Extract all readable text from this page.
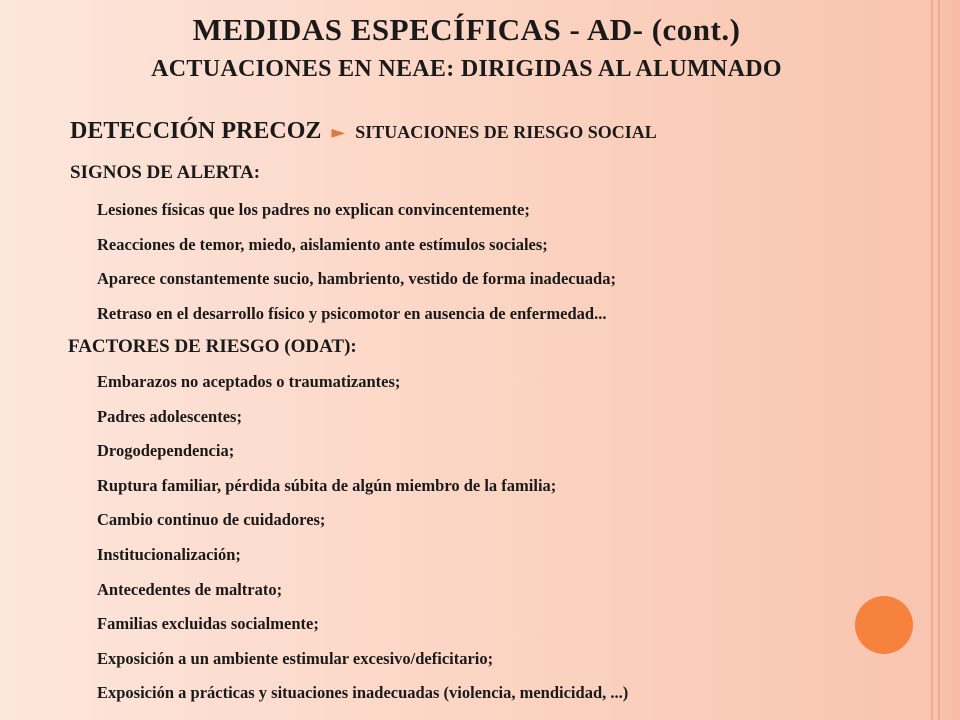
MEDIDAS ESPECÍFICAS - AD- (cont.)
ACTUACIONES EN NEAE: DIRIGIDAS AL ALUMNADO
DETECCIÓN PRECOZ ► SITUACIONES DE RIESGO SOCIAL
SIGNOS DE ALERTA:
Lesiones físicas que los padres no explican convincentemente;
Reacciones de temor, miedo, aislamiento ante estímulos sociales;
Aparece constantemente sucio, hambriento, vestido de forma inadecuada;
Retraso en el desarrollo físico y psicomotor en ausencia de enfermedad...
FACTORES DE RIESGO (ODAT):
Embarazos no aceptados o traumatizantes;
Padres adolescentes;
Drogodependencia;
Ruptura familiar, pérdida súbita de algún miembro de la familia;
Cambio continuo de cuidadores;
Institucionalización;
Antecedentes de maltrato;
Familias excluidas socialmente;
Exposición a un ambiente estimular excesivo/deficitario;
Exposición a prácticas y situaciones inadecuadas (violencia, mendicidad, ...)
